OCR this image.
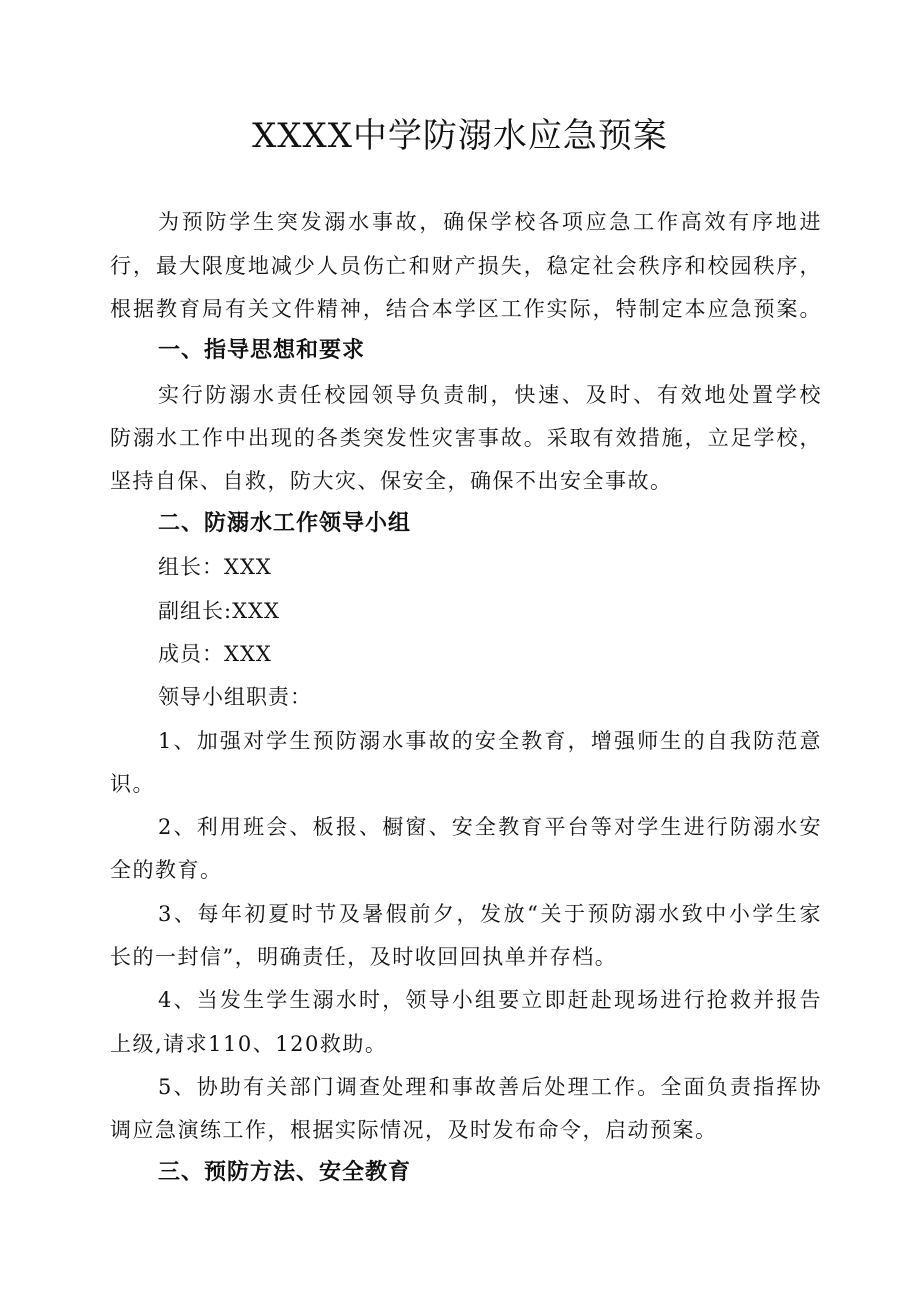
XXXX中学防溺水应急预案
为预防学生突发溺水事故，确保学校各项应急工作高效有序地进
行，最大限度地减少人员伤亡和财产损失，稳定社会秩序和校园秩序，
根据教育局有关文件精神，结合本学区工作实际，特制定本应急预案。
一、指导思想和要求
实行防溺水责任校园领导负责制，快速、及时、有效地处置学校
防溺水工作中出现的各类突发性灾害事故。采取有效措施，立足学校，
坚持自保、自救，防大灾、保安全，确保不出安全事故。
二、防溺水工作领导小组
组长：XXX
副组长:XXX
成员：XXX
领导小组职责：
1、加强对学生预防溺水事故的安全教育，增强师生的自我防范意
识。
2、利用班会、板报、橱窗、安全教育平台等对学生进行防溺水安
全的教育。
3、每年初夏时节及暑假前夕，发放“关于预防溺水致中小学生家
长的一封信”，明确责任，及时收回回执单并存档。
4、当发生学生溺水时，领导小组要立即赶赴现场进行抢救并报告
上级,请求110、120救助。
5、协助有关部门调查处理和事故善后处理工作。全面负责指挥协
调应急演练工作，根据实际情况，及时发布命令，启动预案。
三、预防方法、安全教育
